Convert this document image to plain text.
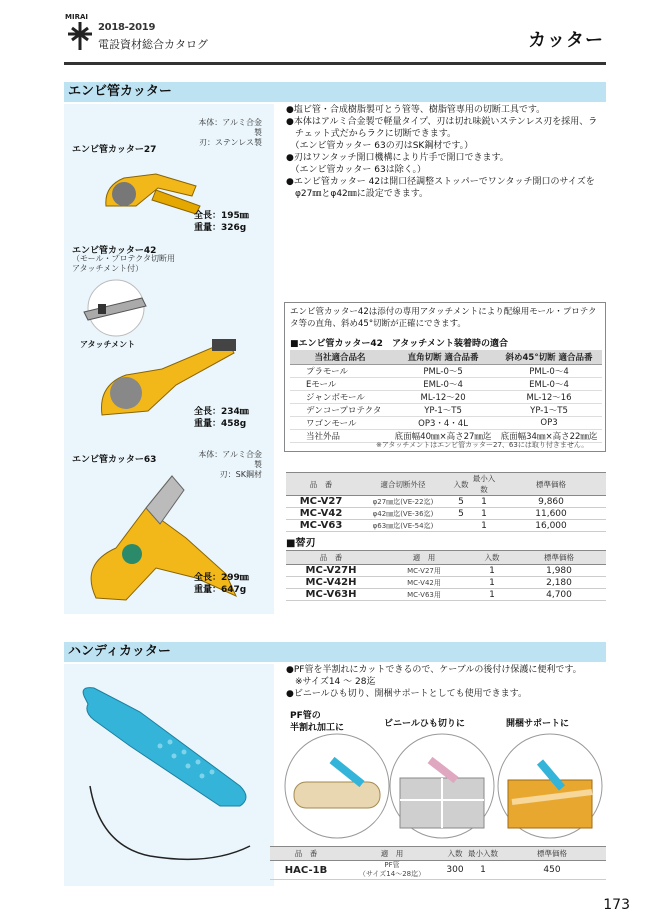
MIRAI
2018-2019
電設資材総合カタログ	カッター
エンビ管カッター
本体：アルミ合金製
刃：ステンレス製
エンビ管カッター27
全長：195㎜
重量：326g
エンビ管カッター42
（モール・プロテクタ切断用
アタッチメント付）
アタッチメント
全長：234㎜
重量：458g
エンビ管カッター63
本体：アルミ合金製
刃：SK鋼材
全長：299㎜
重量：647g
●塩ビ管・合成樹脂製可とう管等、樹脂管専用の切断工具です。
●本体はアルミ合金製で軽量タイプ、刃は切れ味鋭いステンレス刃を採用、ラ
　チェット式だからラクに切断できます。
　（エンビ管カッター 63の刃はSK鋼材です。）
●刃はワンタッチ開口機構により片手で開口できます。
　（エンビ管カッター 63は除く。）
●エンビ管カッター 42は開口径調整ストッパーでワンタッチ開口のサイズを
　φ27㎜とφ42㎜に設定できます。
エンビ管カッター42は添付の専用アタッチメントにより配線用モール・プロテクタ等の直角、斜め45°切断が正確にできます。
■エンビ管カッター42　アタッチメント装着時の適合
当社適合品名	直角切断 適合品番	斜め45°切断 適合品番
プラモール	PML-0～5	PML-0～4
Eモール	EML-0～4	EML-0～4
ジャンボモール	ML-12～20	ML-12～16
デンコープロテクタ	YP-1～T5	YP-1～T5
ワゴンモール	OP3・4・4L	OP3
当社外品	底面幅40㎜×高さ27㎜迄	底面幅34㎜×高さ22㎜迄
※アタッチメントはエンビ管カッター27、63には取り付きません。
品　番	適合切断外径	入数	最小入数	標準価格
MC-V27	φ27㎜迄(VE-22迄)	5	1	9,860
MC-V42	φ42㎜迄(VE-36迄)	5	1	11,600
MC-V63	φ63㎜迄(VE-54迄)		1	16,000
■替刃
品　番	適　用	入数	標準価格
MC-V27H	MC-V27用	1	1,980
MC-V42H	MC-V42用	1	2,180
MC-V63H	MC-V63用	1	4,700
ハンディカッター
●PF管を半割れにカットできるので、ケーブルの後付け保護に便利です。
　※サイズ14 ～ 28迄
●ビニールひも切り、開梱サポートとしても使用できます。
PF管の
半割れ加工に	ビニールひも切りに	開梱サポートに
品　番	適　用	入数	最小入数	標準価格
HAC-1B	PF管
（サイズ14～28迄）	300	1	450
173
